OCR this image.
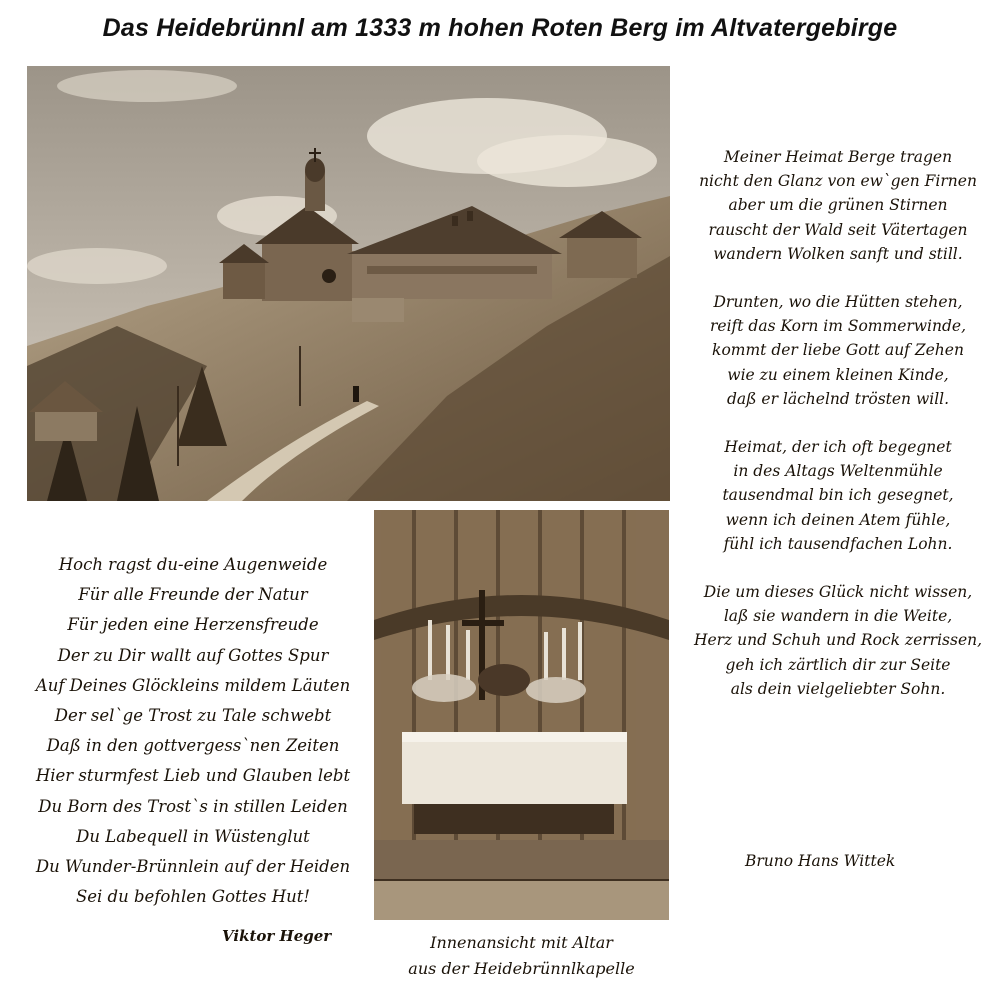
Das Heidebrünnl am 1333 m hohen Roten Berg im Altvatergebirge
Meiner Heimat Berge tragen
nicht den Glanz von ew`gen Firnen
aber um die grünen Stirnen
rauscht der Wald seit Vätertagen
wandern Wolken sanft und still.
Drunten, wo die Hütten stehen,
reift das Korn im Sommerwinde,
kommt der liebe Gott auf Zehen
wie zu einem kleinen Kinde,
daß er lächelnd trösten will.
Heimat, der ich oft begegnet
in des Altags Weltenmühle
tausendmal bin ich gesegnet,
wenn ich deinen Atem fühle,
fühl ich tausendfachen Lohn.
Die um dieses Glück nicht wissen,
laß sie wandern in die Weite,
Herz und Schuh und Rock zerrissen,
geh ich zärtlich dir zur Seite
als dein vielgeliebter Sohn.
Bruno Hans Wittek
Hoch ragst du-eine Augenweide
Für alle Freunde der Natur
Für jeden eine Herzensfreude
Der zu Dir wallt auf Gottes Spur
Auf Deines Glöckleins mildem Läuten
Der sel`ge Trost zu Tale schwebt
Daß in den gottvergess`nen Zeiten
Hier sturmfest Lieb und Glauben lebt
Du Born des Trost`s in stillen Leiden
Du Labequell in Wüstenglut
Du Wunder-Brünnlein auf der Heiden
Sei du befohlen Gottes Hut!
Viktor Heger	Innenansicht mit Altar
aus der Heidebrünnlkapelle
